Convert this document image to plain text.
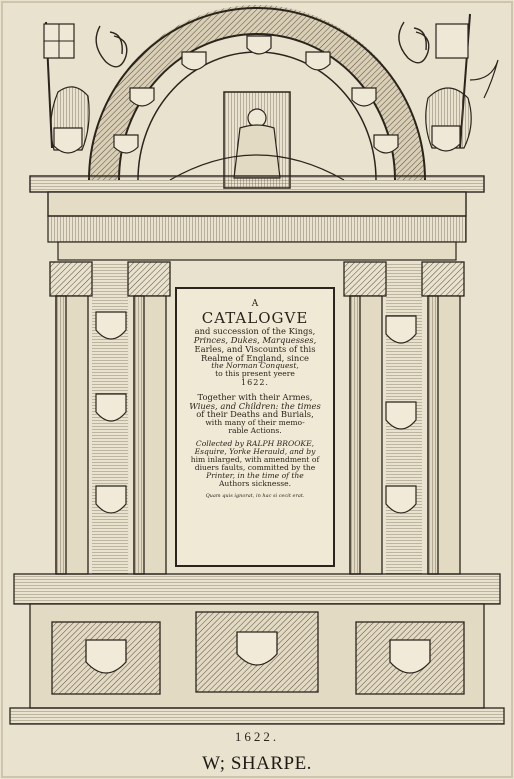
A
CATALOGVE
and succession of the Kings,
Princes, Dukes, Marquesses,
Earles, and Viscounts of this
Realme of England, since
the Norman Conquest,
to this present yeere
1622.
Together with their Armes,
Wiues, and Children: the times
of their Deaths and Burials,
with many of their memo-
rable Actions.
Collected by RALPH BROOKE,
Esquire, Yorke Herauld, and by
him inlarged, with amendment of
diuers faults, committed by the
Printer, in the time of the
Authors sicknesse.
Quam quis ignorat, in hac si cecit erat.
1622.
W; SHARPE.
